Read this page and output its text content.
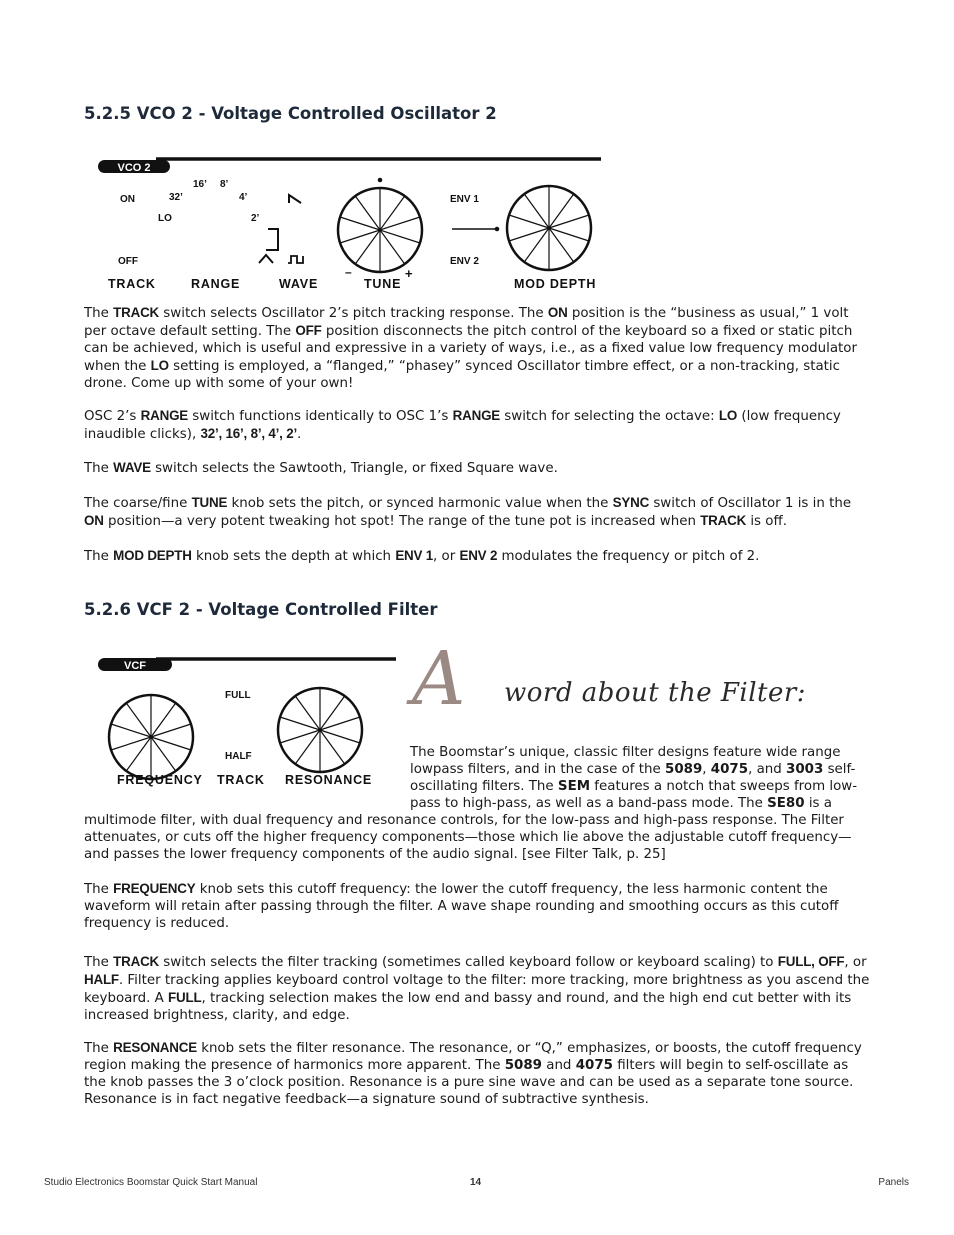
5.2.5 VCO 2 - Voltage Controlled Oscillator 2
VCO 2
ON
LO
OFF
32’
16’ 8’
4’
2’
–	+
ENV 1
ENV 2
TRACK	RANGE	WAVE	TUNE	MOD DEPTH

The TRACK switch selects Oscillator 2’s pitch tracking response. The ON position is the “business as usual,” 1 volt per octave default setting. The OFF position disconnects the pitch control of the keyboard so a fixed or static pitch can be achieved, which is useful and expressive in a variety of ways, i.e., as a fixed value low frequency modulator when the LO setting is employed, a “flanged,” “phasey” synced Oscillator timbre effect, or a non-tracking, static drone. Come up with some of your own!

OSC 2’s RANGE switch functions identically to OSC 1’s RANGE switch for selecting the octave: LO (low frequency inaudible clicks), 32’, 16’, 8’, 4’, 2’.

The WAVE switch selects the Sawtooth, Triangle, or fixed Square wave.

The coarse/fine TUNE knob sets the pitch, or synced harmonic value when the SYNC switch of Oscillator 1 is in the ON position—a very potent tweaking hot spot! The range of the tune pot is increased when TRACK is off.

The MOD DEPTH knob sets the depth at which ENV 1, or ENV 2 modulates the frequency or pitch of 2.

5.2.6 VCF 2 - Voltage Controlled Filter
VCF
FULL
HALF
FREQUENCY TRACK RESONANCE
A word about the Filter:

The Boomstar’s unique, classic filter designs feature wide range lowpass filters, and in the case of the 5089, 4075, and 3003 self-oscillating filters. The SEM features a notch that sweeps from low-pass to high-pass, as well as a band-pass mode. The SE80 is a multimode filter, with dual frequency and resonance controls, for the low-pass and high-pass response. The Filter attenuates, or cuts off the higher frequency components—those which lie above the adjustable cutoff frequency—and passes the lower frequency components of the audio signal. [see Filter Talk, p. 25]

The FREQUENCY knob sets this cutoff frequency: the lower the cutoff frequency, the less harmonic content the waveform will retain after passing through the filter. A wave shape rounding and smoothing occurs as this cutoff frequency is reduced.

The TRACK switch selects the filter tracking (sometimes called keyboard follow or keyboard scaling) to FULL, OFF, or HALF. Filter tracking applies keyboard control voltage to the filter: more tracking, more brightness as you ascend the keyboard. A FULL, tracking selection makes the low end and bassy and round, and the high end cut better with its increased brightness, clarity, and edge.

The RESONANCE knob sets the filter resonance. The resonance, or “Q,” emphasizes, or boosts, the cutoff frequency region making the presence of harmonics more apparent. The 5089 and 4075 filters will begin to self-oscillate as the knob passes the 3 o’clock position. Resonance is a pure sine wave and can be used as a separate tone source. Resonance is in fact negative feedback—a signature sound of subtractive synthesis.

Studio Electronics Boomstar Quick Start Manual	14	Panels
